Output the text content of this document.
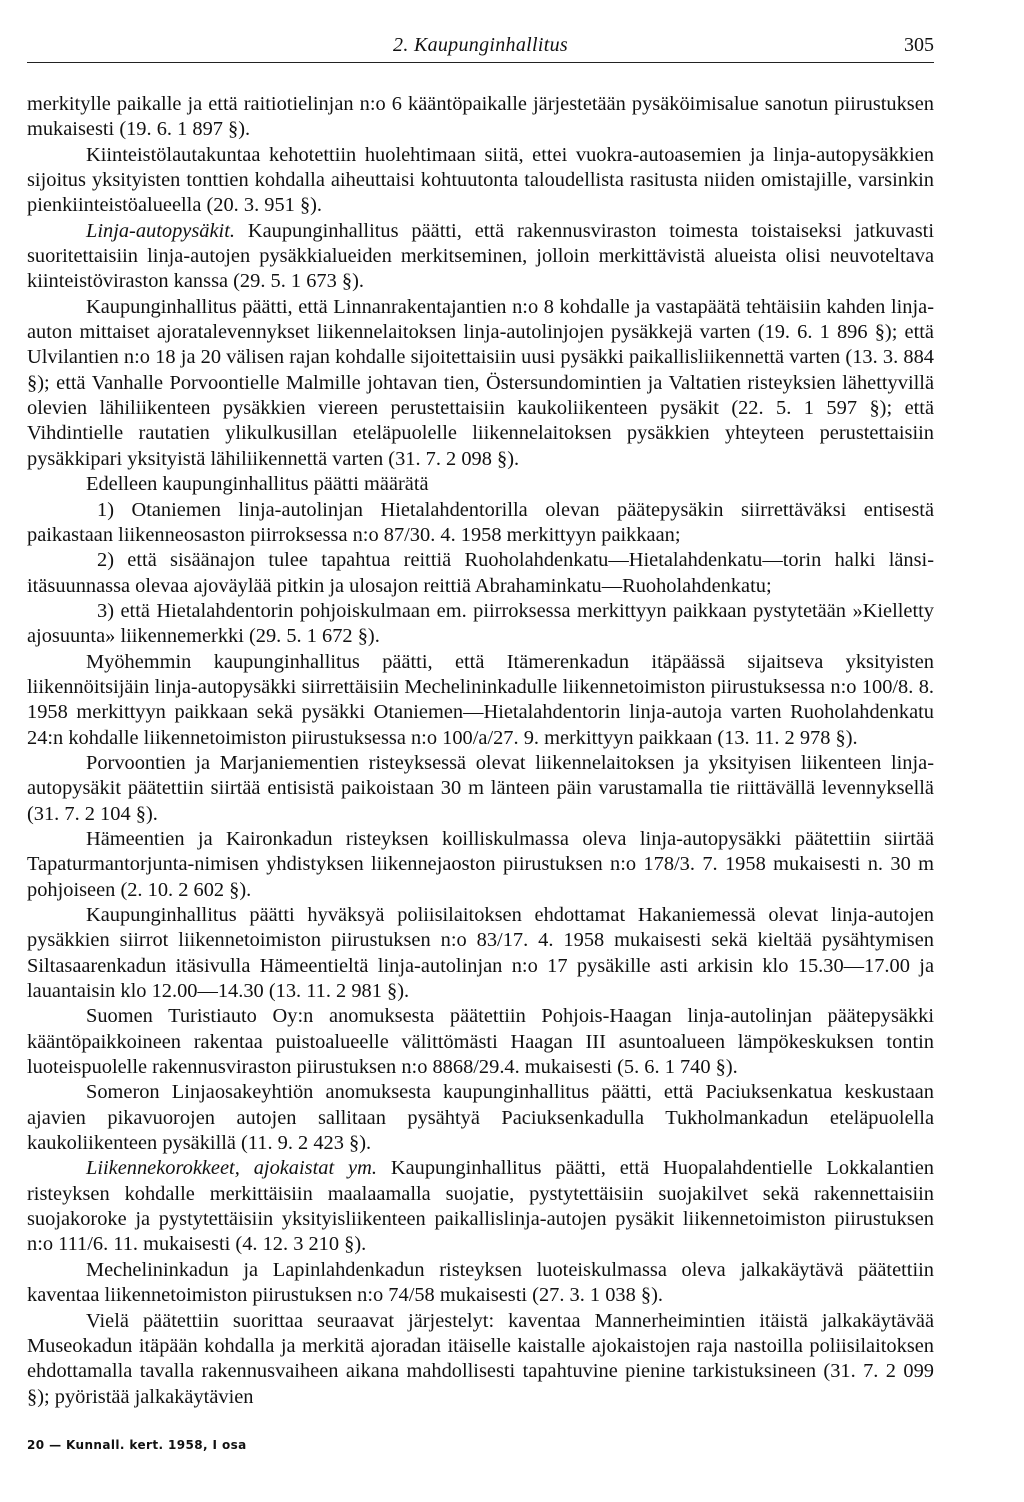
2. Kaupunginhallitus	305

merkitylle paikalle ja että raitiotielinjan n:o 6 kääntöpaikalle järjestetään pysäköimisalue sanotun piirustuksen mukaisesti (19. 6. 1 897 §).

Kiinteistölautakuntaa kehotettiin huolehtimaan siitä, ettei vuokra-autoasemien ja linja-autopysäkkien sijoitus yksityisten tonttien kohdalla aiheuttaisi kohtuutonta taloudellista rasitusta niiden omistajille, varsinkin pienkiinteistöalueella (20. 3. 951 §).

Linja-autopysäkit. Kaupunginhallitus päätti, että rakennusviraston toimesta toistaiseksi jatkuvasti suoritettaisiin linja-autojen pysäkkialueiden merkitseminen, jolloin merkittävistä alueista olisi neuvoteltava kiinteistöviraston kanssa (29. 5. 1 673 §).

Kaupunginhallitus päätti, että Linnanrakentajantien n:o 8 kohdalle ja vastapäätä tehtäisiin kahden linja-auton mittaiset ajoratalevennykset liikennelaitoksen linja-autolinjojen pysäkkejä varten (19. 6. 1 896 §); että Ulvilantien n:o 18 ja 20 välisen rajan kohdalle sijoitettaisiin uusi pysäkki paikallisliikennettä varten (13. 3. 884 §); että Vanhalle Porvoontielle Malmille johtavan tien, Östersundomintien ja Valtatien risteyksien lähettyvillä olevien lähiliikenteen pysäkkien viereen perustettaisiin kaukoliikenteen pysäkit (22. 5. 1 597 §); että Vihdintielle rautatien ylikulkusillan eteläpuolelle liikennelaitoksen pysäkkien yhteyteen perustettaisiin pysäkkipari yksityistä lähiliikennettä varten (31. 7. 2 098 §).

Edelleen kaupunginhallitus päätti määrätä

1) Otaniemen linja-autolinjan Hietalahdentorilla olevan päätepysäkin siirrettäväksi entisestä paikastaan liikenneosaston piirroksessa n:o 87/30. 4. 1958 merkittyyn paikkaan;

2) että sisäänajon tulee tapahtua reittiä Ruoholahdenkatu—Hietalahdenkatu—torin halki länsi-itäsuunnassa olevaa ajoväylää pitkin ja ulosajon reittiä Abrahaminkatu—Ruoholahdenkatu;

3) että Hietalahdentorin pohjoiskulmaan em. piirroksessa merkittyyn paikkaan pystytetään »Kielletty ajosuunta» liikennemerkki (29. 5. 1 672 §).

Myöhemmin kaupunginhallitus päätti, että Itämerenkadun itäpäässä sijaitseva yksityisten liikennöitsijäin linja-autopysäkki siirrettäisiin Mechelininkadulle liikennetoimiston piirustuksessa n:o 100/8. 8. 1958 merkittyyn paikkaan sekä pysäkki Otaniemen—Hietalahdentorin linja-autoja varten Ruoholahdenkatu 24:n kohdalle liikennetoimiston piirustuksessa n:o 100/a/27. 9. merkittyyn paikkaan (13. 11. 2 978 §).

Porvoontien ja Marjaniementien risteyksessä olevat liikennelaitoksen ja yksityisen liikenteen linja-autopysäkit päätettiin siirtää entisistä paikoistaan 30 m länteen päin varustamalla tie riittävällä levennyksellä (31. 7. 2 104 §).

Hämeentien ja Kaironkadun risteyksen koilliskulmassa oleva linja-autopysäkki päätettiin siirtää Tapaturmantorjunta-nimisen yhdistyksen liikennejaoston piirustuksen n:o 178/3. 7. 1958 mukaisesti n. 30 m pohjoiseen (2. 10. 2 602 §).

Kaupunginhallitus päätti hyväksyä poliisilaitoksen ehdottamat Hakaniemessä olevat linja-autojen pysäkkien siirrot liikennetoimiston piirustuksen n:o 83/17. 4. 1958 mukaisesti sekä kieltää pysähtymisen Siltasaarenkadun itäsivulla Hämeentieltä linja-autolinjan n:o 17 pysäkille asti arkisin klo 15.30—17.00 ja lauantaisin klo 12.00—14.30 (13. 11. 2 981 §).

Suomen Turistiauto Oy:n anomuksesta päätettiin Pohjois-Haagan linja-autolinjan päätepysäkki kääntöpaikkoineen rakentaa puistoalueelle välittömästi Haagan III asuntoalueen lämpökeskuksen tontin luoteispuolelle rakennusviraston piirustuksen n:o 8868/29.4. mukaisesti (5. 6. 1 740 §).

Someron Linjaosakeyhtiön anomuksesta kaupunginhallitus päätti, että Paciuksenkatua keskustaan ajavien pikavuorojen autojen sallitaan pysähtyä Paciuksenkadulla Tukholmankadun eteläpuolella kaukoliikenteen pysäkillä (11. 9. 2 423 §).

Liikennekorokkeet, ajokaistat ym. Kaupunginhallitus päätti, että Huopalahdentielle Lokkalantien risteyksen kohdalle merkittäisiin maalaamalla suojatie, pystytettäisiin suojakilvet sekä rakennettaisiin suojakoroke ja pystytettäisiin yksityisliikenteen paikallislinja-autojen pysäkit liikennetoimiston piirustuksen n:o 111/6. 11. mukaisesti (4. 12. 3 210 §).

Mechelininkadun ja Lapinlahdenkadun risteyksen luoteiskulmassa oleva jalkakäytävä päätettiin kaventaa liikennetoimiston piirustuksen n:o 74/58 mukaisesti (27. 3. 1 038 §).

Vielä päätettiin suorittaa seuraavat järjestelyt: kaventaa Mannerheimintien itäistä jalkakäytävää Museokadun itäpään kohdalla ja merkitä ajoradan itäiselle kaistalle ajokaistojen raja nastoilla poliisilaitoksen ehdottamalla tavalla rakennusvaiheen aikana mahdollisesti tapahtuvine pienine tarkistuksineen (31. 7. 2 099 §); pyöristää jalkakäytävien

20 — Kunnall. kert. 1958, I osa
